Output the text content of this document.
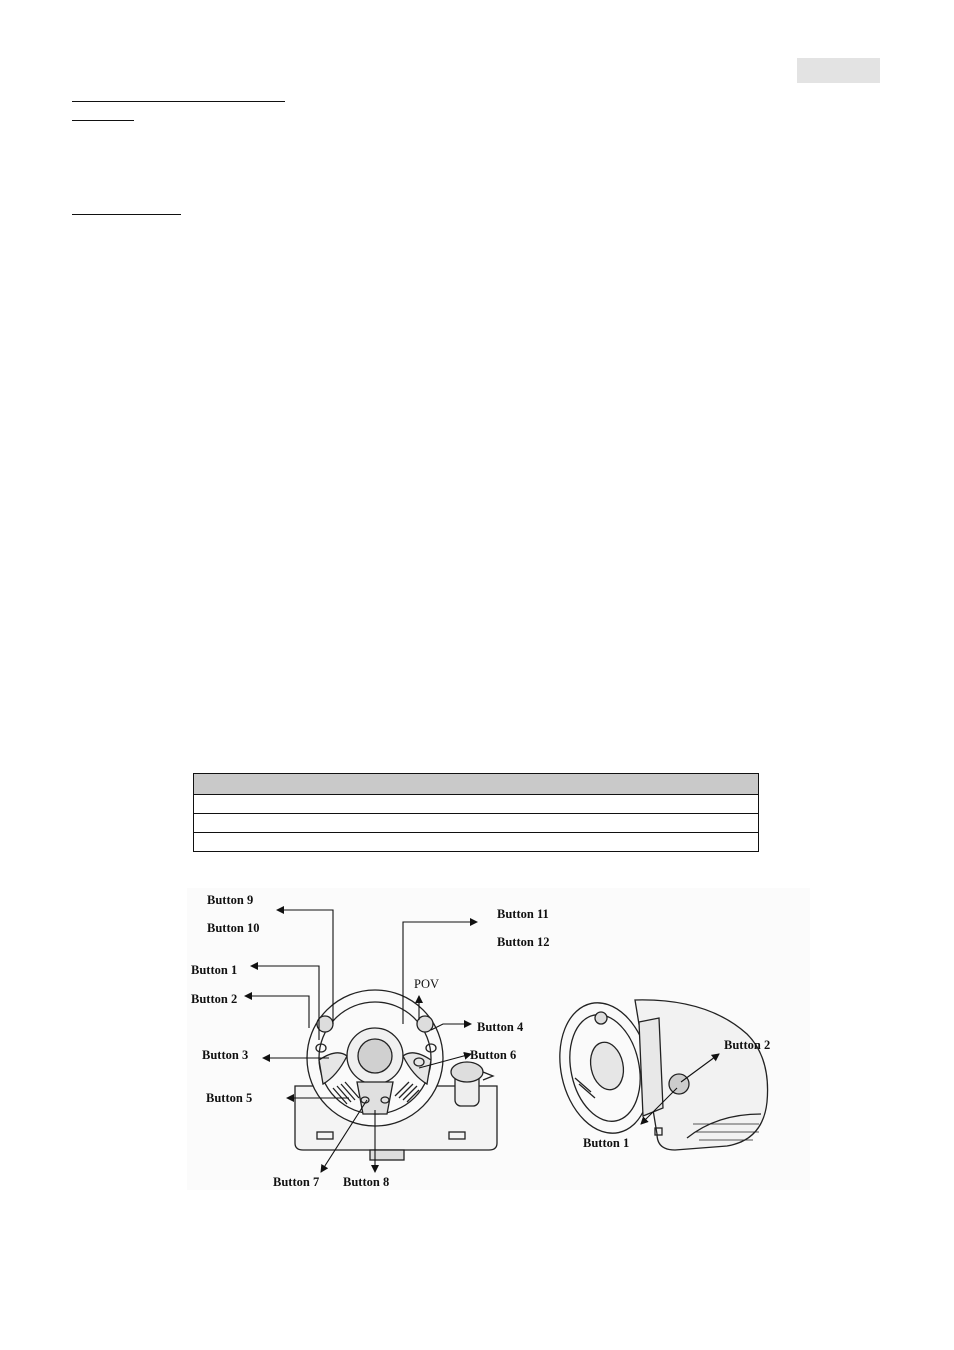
Button 9
Button 10
Button 11
Button 12
Button 1
Button 2
POV
Button 4
Button 3	Button 6
Button 5
Button 7 Button 8
Button 2
Button 1
